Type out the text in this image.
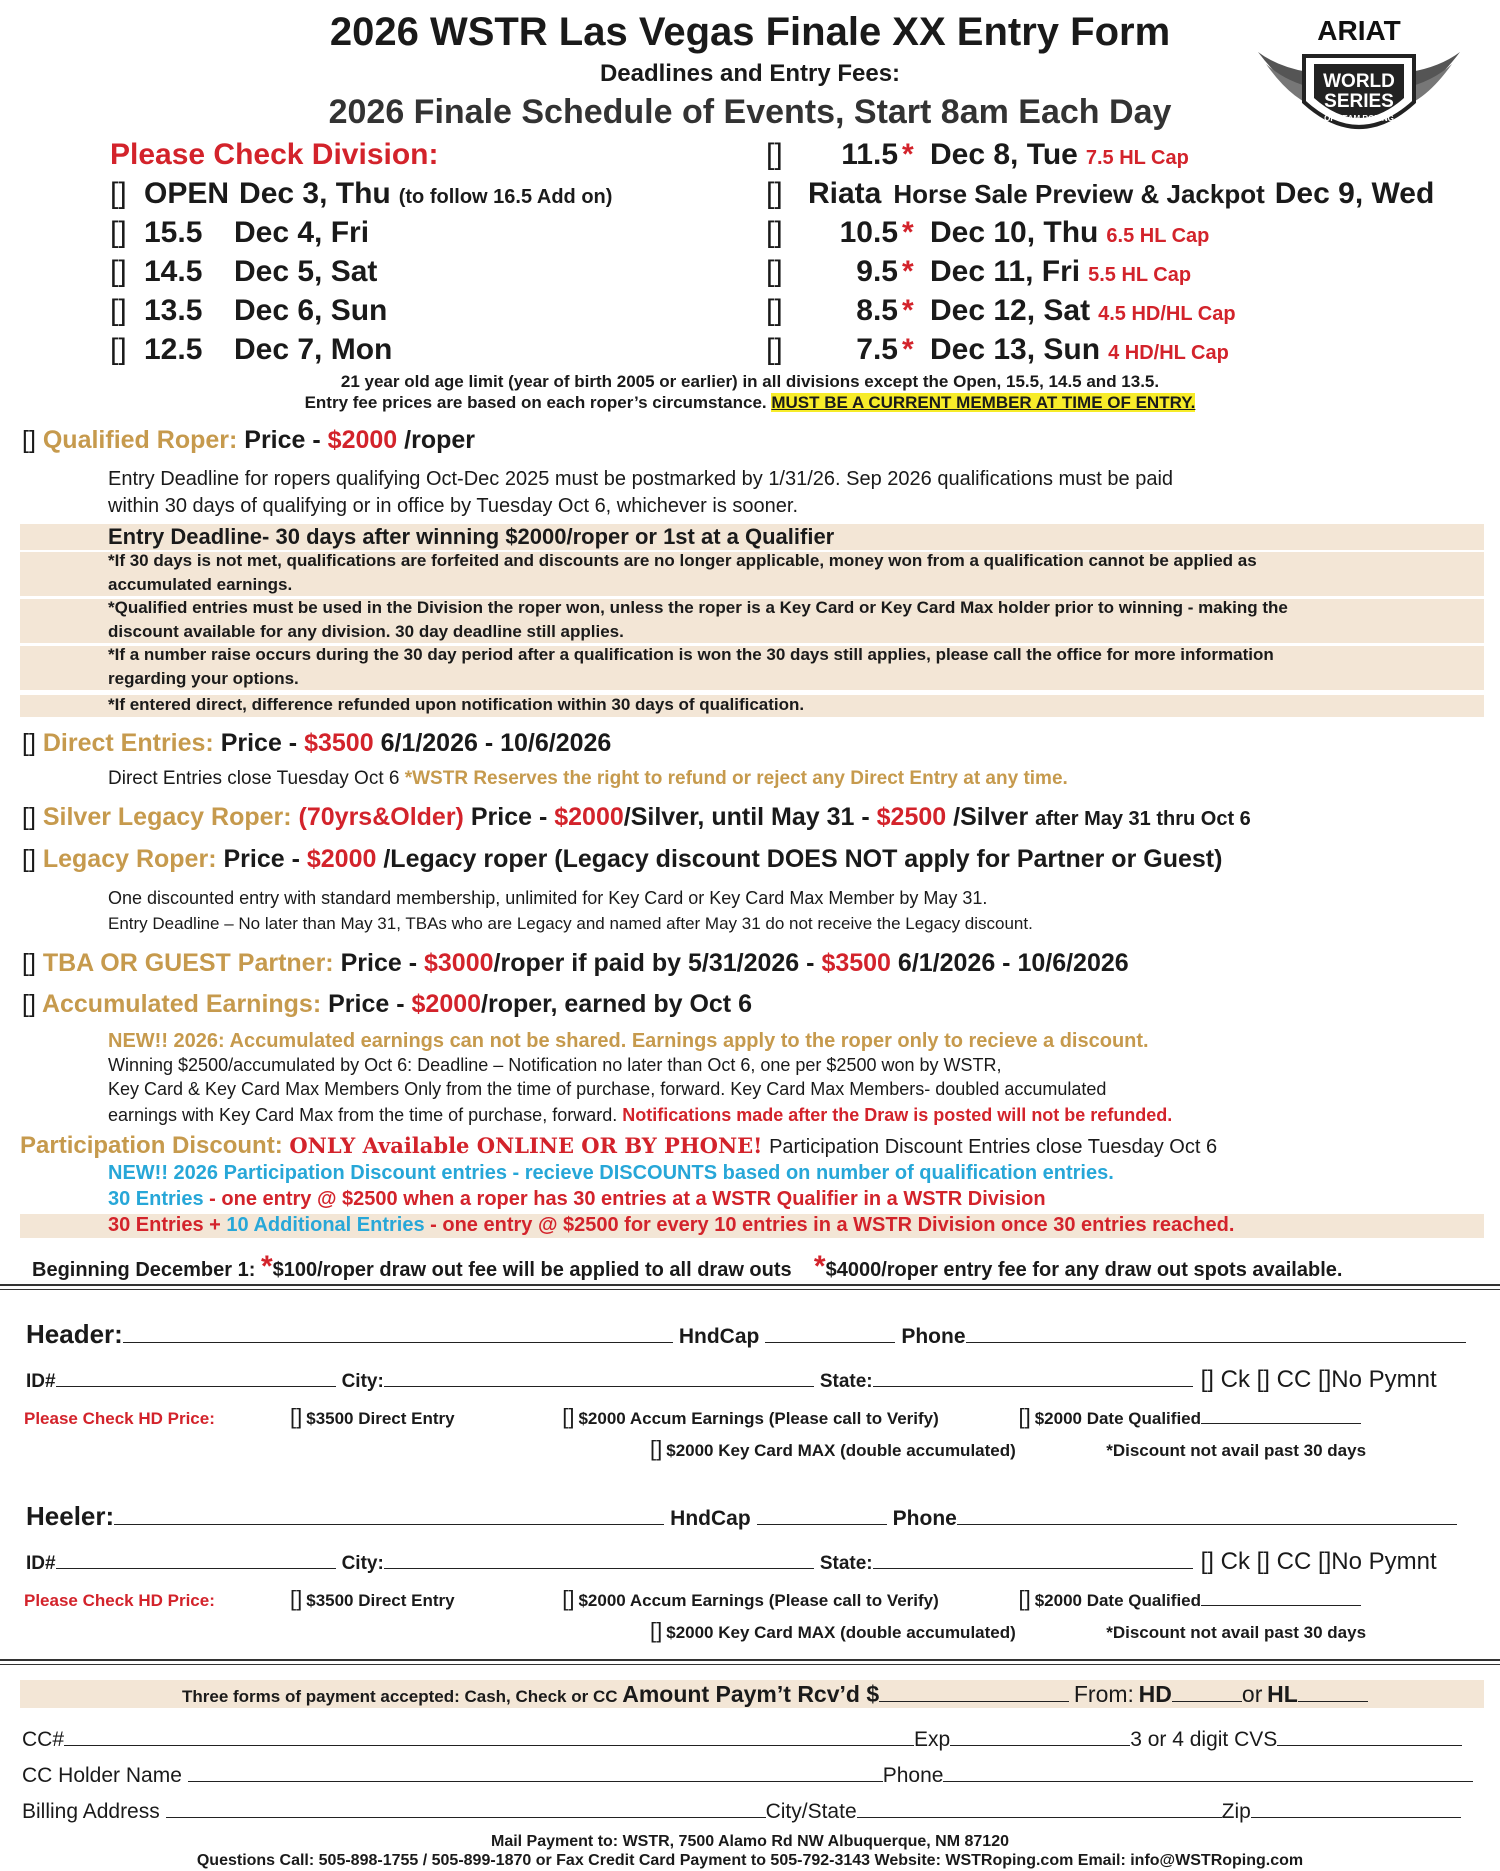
2026 WSTR Las Vegas Finale XX Entry Form
Deadlines and Entry Fees:
2026 Finale Schedule of Events, Start 8am Each Day
ARIAT
WORLD
SERIES
OF TEAM ROPING
Please Check Division:
[] OPEN Dec 3, Thu (to follow 16.5 Add on)
[] 15.5 Dec 4, Fri
[] 14.5 Dec 5, Sat
[] 13.5 Dec 6, Sun
[] 12.5 Dec 7, Mon
[] 11.5 * Dec 8, Tue 7.5 HL Cap
[] Riata Horse Sale Preview & Jackpot Dec 9, Wed
[] 10.5 * Dec 10, Thu 6.5 HL Cap
[] 9.5 * Dec 11, Fri 5.5 HL Cap
[] 8.5 * Dec 12, Sat 4.5 HD/HL Cap
[] 7.5 * Dec 13, Sun 4 HD/HL Cap
21 year old age limit (year of birth 2005 or earlier) in all divisions except the Open, 15.5, 14.5 and 13.5.
Entry fee prices are based on each roper’s circumstance. MUST BE A CURRENT MEMBER AT TIME OF ENTRY.
[] Qualified Roper: Price - $2000 /roper
Entry Deadline for ropers qualifying Oct-Dec 2025 must be postmarked by 1/31/26. Sep 2026 qualifications must be paid
within 30 days of qualifying or in office by Tuesday Oct 6, whichever is sooner.
Entry Deadline- 30 days after winning $2000/roper or 1st at a Qualifier
*If 30 days is not met, qualifications are forfeited and discounts are no longer applicable, money won from a qualification cannot be applied as
accumulated earnings.
*Qualified entries must be used in the Division the roper won, unless the roper is a Key Card or Key Card Max holder prior to winning - making the
discount available for any division. 30 day deadline still applies.
*If a number raise occurs during the 30 day period after a qualification is won the 30 days still applies, please call the office for more information
regarding your options.
*If entered direct, difference refunded upon notification within 30 days of qualification.
[] Direct Entries: Price - $3500 6/1/2026 - 10/6/2026
Direct Entries close Tuesday Oct 6 *WSTR Reserves the right to refund or reject any Direct Entry at any time.
[] Silver Legacy Roper: (70yrs&Older) Price - $2000/Silver, until May 31 - $2500 /Silver after May 31 thru Oct 6
[] Legacy Roper: Price - $2000 /Legacy roper (Legacy discount DOES NOT apply for Partner or Guest)
One discounted entry with standard membership, unlimited for Key Card or Key Card Max Member by May 31.
Entry Deadline – No later than May 31, TBAs who are Legacy and named after May 31 do not receive the Legacy discount.
[] TBA OR GUEST Partner: Price - $3000/roper if paid by 5/31/2026 - $3500 6/1/2026 - 10/6/2026
[] Accumulated Earnings: Price - $2000/roper, earned by Oct 6
NEW!! 2026: Accumulated earnings can not be shared. Earnings apply to the roper only to recieve a discount.
Winning $2500/accumulated by Oct 6: Deadline – Notification no later than Oct 6, one per $2500 won by WSTR,
Key Card & Key Card Max Members Only from the time of purchase, forward. Key Card Max Members- doubled accumulated
earnings with Key Card Max from the time of purchase, forward. Notifications made after the Draw is posted will not be refunded.
Participation Discount: ONLY Available ONLINE OR BY PHONE! Participation Discount Entries close Tuesday Oct 6
NEW!! 2026 Participation Discount entries - recieve DISCOUNTS based on number of qualification entries.
30 Entries - one entry @ $2500 when a roper has 30 entries at a WSTR Qualifier in a WSTR Division
30 Entries + 10 Additional Entries - one entry @ $2500 for every 10 entries in a WSTR Division once 30 entries reached.
Beginning December 1: *$100/roper draw out fee will be applied to all draw outs *$4000/roper entry fee for any draw out spots available.
Header:	HndCap	Phone
ID#	City:	State:	[] Ck [] CC []No Pymnt
Please Check HD Price:	[] $3500 Direct Entry	[] $2000 Accum Earnings (Please call to Verify)	[] $2000 Date Qualified
[] $2000 Key Card MAX (double accumulated)	*Discount not avail past 30 days
Heeler:	HndCap	Phone
ID#	City:	State:	[] Ck [] CC []No Pymnt
Please Check HD Price:	[] $3500 Direct Entry	[] $2000 Accum Earnings (Please call to Verify)	[] $2000 Date Qualified
[] $2000 Key Card MAX (double accumulated)	*Discount not avail past 30 days
Three forms of payment accepted: Cash, Check or CC Amount Paym’t Rcv’d $	From: HD	or HL
CC#	Exp	3 or 4 digit CVS
CC Holder Name	Phone
Billing Address	City/State	Zip
Mail Payment to: WSTR, 7500 Alamo Rd NW Albuquerque, NM 87120
Questions Call: 505-898-1755 / 505-899-1870 or Fax Credit Card Payment to 505-792-3143 Website: WSTRoping.com Email: info@WSTRoping.com
